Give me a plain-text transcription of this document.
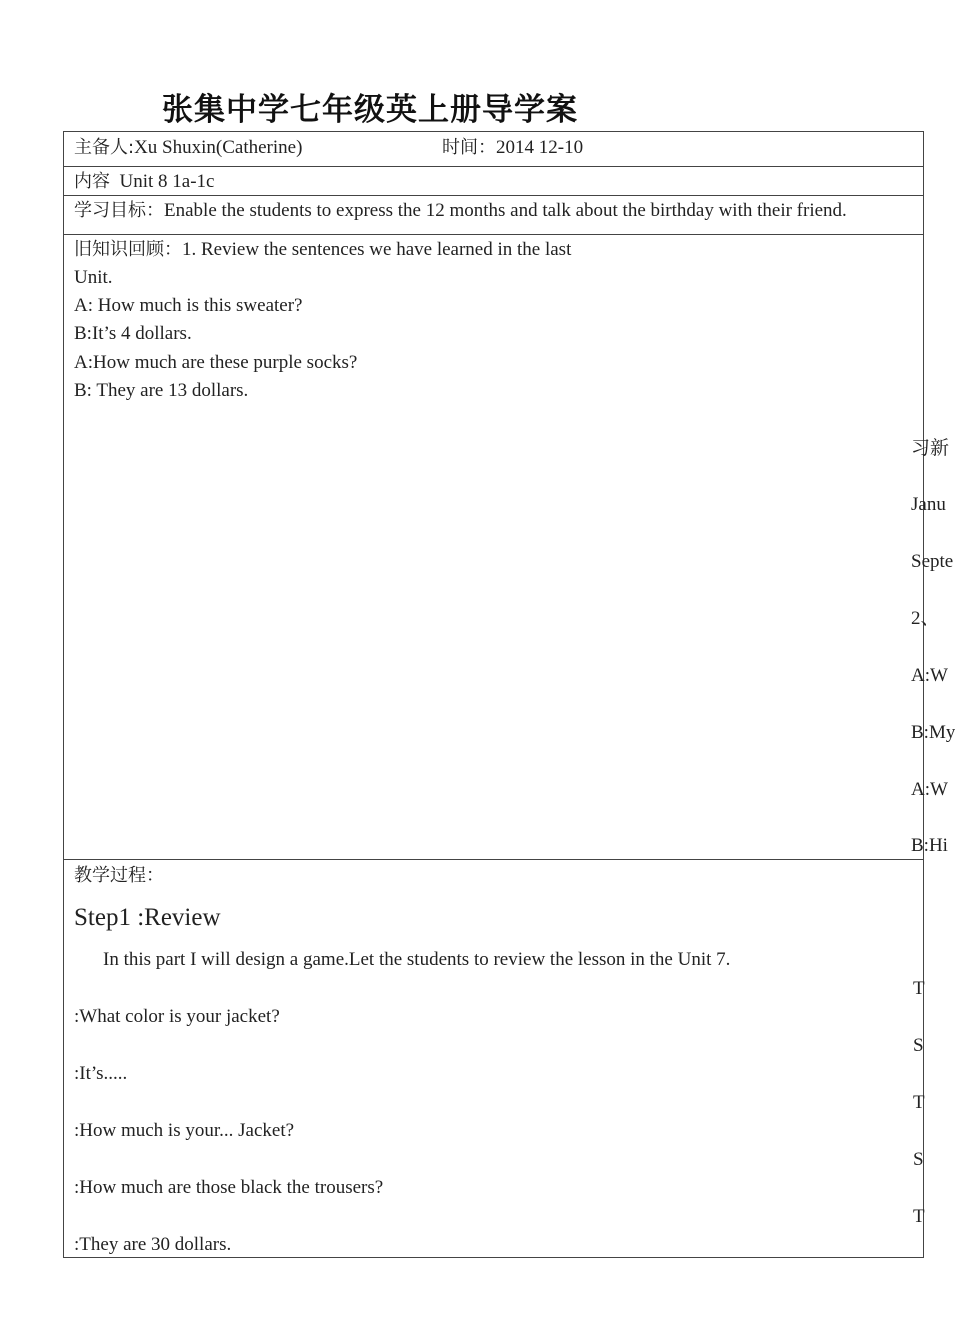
张集中学七年级英上册导学案
主备人:Xu Shuxin(Catherine)	时间：2014 12-10
内容 Unit 8 1a-1c
学习目标：Enable the students to express the 12 months and talk about the birthday with their friend.
旧知识回顾：1. Review the sentences we have learned in the last
Unit.
A: How much is this sweater?
B:It’s 4 dollars.
A:How much are these purple socks?
B: They are 13 dollars.
习新
Janu
Septe
2、
A:W
B:My
A:W
B:Hi
教学过程：
Step1 :Review
In this part I will design a game.Let the students to review the lesson in the Unit 7.
T
:What color is your jacket?
S
:It’s.....
T
:How much is your... Jacket?
S
:How much are those black the trousers?
T
:They are 30 dollars.
